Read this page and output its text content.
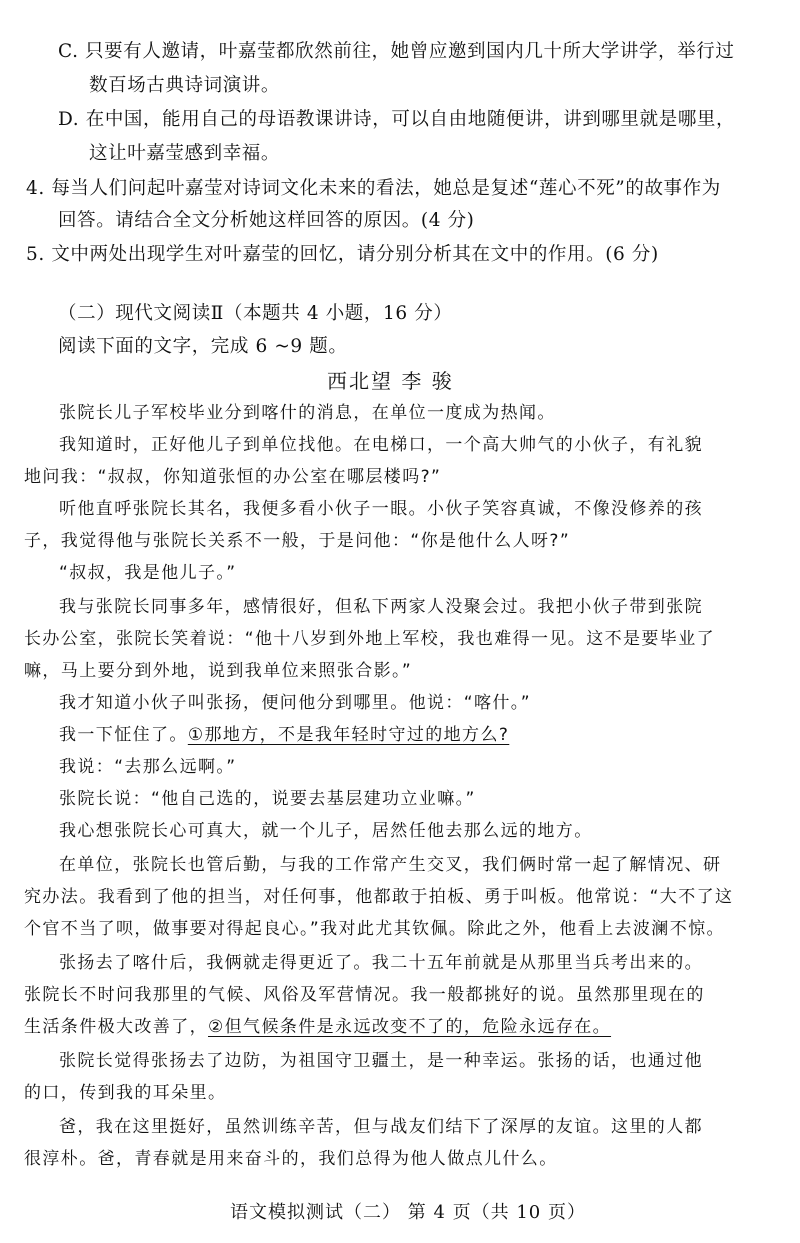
C. 只要有人邀请，叶嘉莹都欣然前往，她曾应邀到国内几十所大学讲学，举行过
数百场古典诗词演讲。
D. 在中国，能用自己的母语教课讲诗，可以自由地随便讲，讲到哪里就是哪里，
这让叶嘉莹感到幸福。
4. 每当人们问起叶嘉莹对诗词文化未来的看法，她总是复述“莲心不死”的故事作为
回答。请结合全文分析她这样回答的原因。(4 分)
5. 文中两处出现学生对叶嘉莹的回忆，请分别分析其在文中的作用。(6 分)
（二）现代文阅读Ⅱ（本题共 4 小题，16 分）
阅读下面的文字，完成 6 ~9 题。
西北望 李 骏
张院长儿子军校毕业分到喀什的消息，在单位一度成为热闻。
我知道时，正好他儿子到单位找他。在电梯口，一个高大帅气的小伙子，有礼貌
地问我：“叔叔，你知道张恒的办公室在哪层楼吗?”
听他直呼张院长其名，我便多看小伙子一眼。小伙子笑容真诚，不像没修养的孩
子，我觉得他与张院长关系不一般，于是问他：“你是他什么人呀?”
“叔叔，我是他儿子。”
我与张院长同事多年，感情很好，但私下两家人没聚会过。我把小伙子带到张院
长办公室，张院长笑着说：“他十八岁到外地上军校，我也难得一见。这不是要毕业了
嘛，马上要分到外地，说到我单位来照张合影。”
我才知道小伙子叫张扬，便问他分到哪里。他说：“喀什。”
我一下怔住了。①那地方，不是我年轻时守过的地方么?
我说：“去那么远啊。”
张院长说：“他自己选的，说要去基层建功立业嘛。”
我心想张院长心可真大，就一个儿子，居然任他去那么远的地方。
在单位，张院长也管后勤，与我的工作常产生交叉，我们俩时常一起了解情况、研
究办法。我看到了他的担当，对任何事，他都敢于拍板、勇于叫板。他常说：“大不了这
个官不当了呗，做事要对得起良心。”我对此尤其钦佩。除此之外，他看上去波澜不惊。
张扬去了喀什后，我俩就走得更近了。我二十五年前就是从那里当兵考出来的。
张院长不时问我那里的气候、风俗及军营情况。我一般都挑好的说。虽然那里现在的
生活条件极大改善了，②但气候条件是永远改变不了的，危险永远存在。
张院长觉得张扬去了边防，为祖国守卫疆土，是一种幸运。张扬的话，也通过他
的口，传到我的耳朵里。
爸，我在这里挺好，虽然训练辛苦，但与战友们结下了深厚的友谊。这里的人都
很淳朴。爸，青春就是用来奋斗的，我们总得为他人做点儿什么。
语文模拟测试（二） 第 4 页（共 10 页）
